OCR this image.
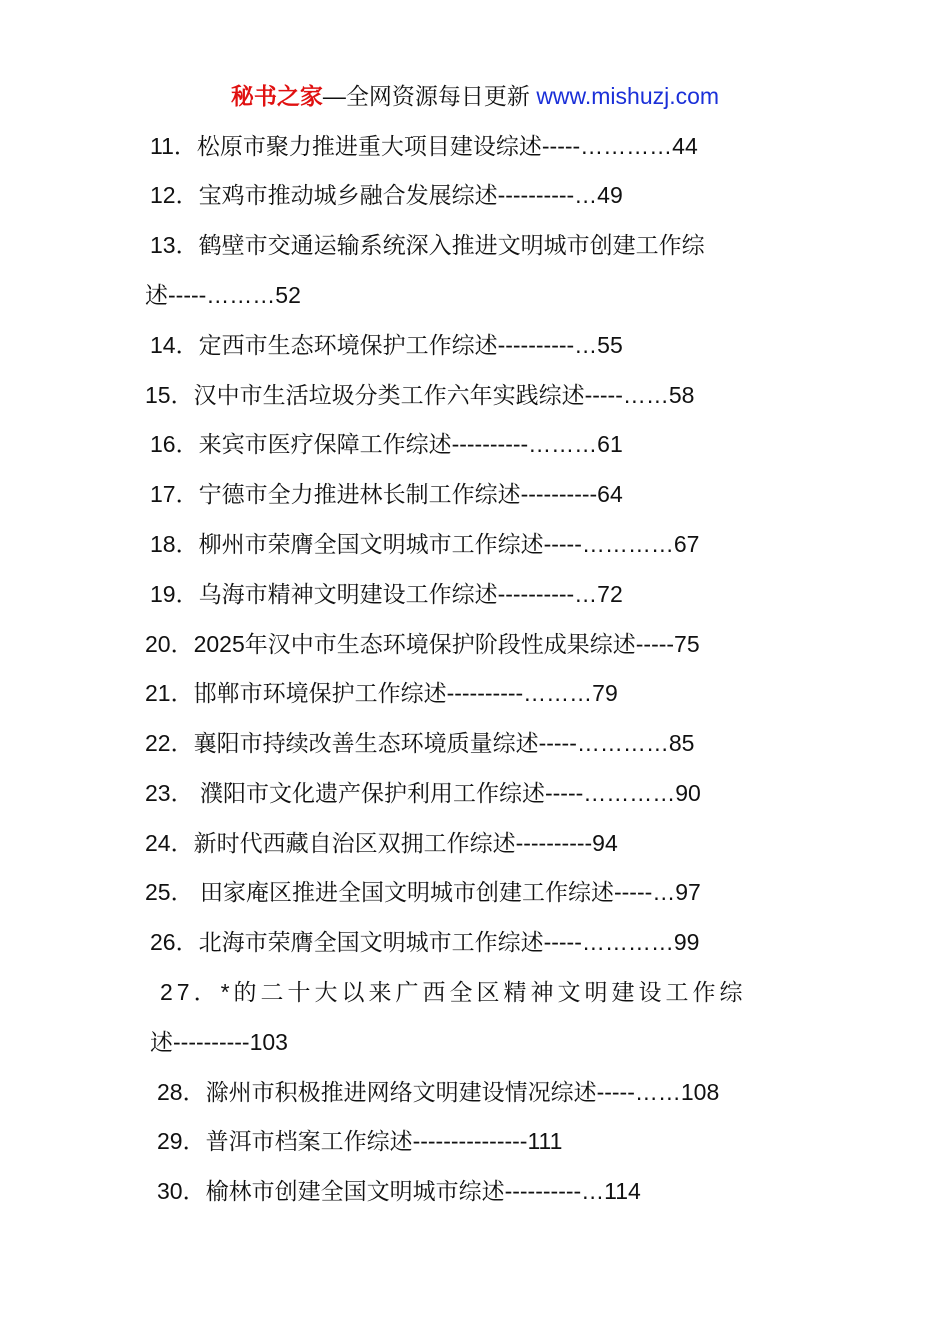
秘书之家—全网资源每日更新 www.mishuzj.com
11．松原市聚力推进重大项目建设综述-----…………44
12．宝鸡市推动城乡融合发展综述----------…49
13．鹤壁市交通运输系统深入推进文明城市创建工作综
述-----………52
14．定西市生态环境保护工作综述----------…55
15．汉中市生活垃圾分类工作六年实践综述-----……58
16．来宾市医疗保障工作综述----------………61
17．宁德市全力推进林长制工作综述----------64
18．柳州市荣膺全国文明城市工作综述-----…………67
19．乌海市精神文明建设工作综述----------…72
20．2025年汉中市生态环境保护阶段性成果综述-----75
21．邯郸市环境保护工作综述----------………79
22．襄阳市持续改善生态环境质量综述-----…………85
23． 濮阳市文化遗产保护利用工作综述-----…………90
24．新时代西藏自治区双拥工作综述----------94
25． 田家庵区推进全国文明城市创建工作综述-----…97
26．北海市荣膺全国文明城市工作综述-----…………99
27．*的二十大以来广西全区精神文明建设工作综
述----------103
28．滁州市积极推进网络文明建设情况综述-----……108
29．普洱市档案工作综述---------------111
30．榆林市创建全国文明城市综述----------…114
